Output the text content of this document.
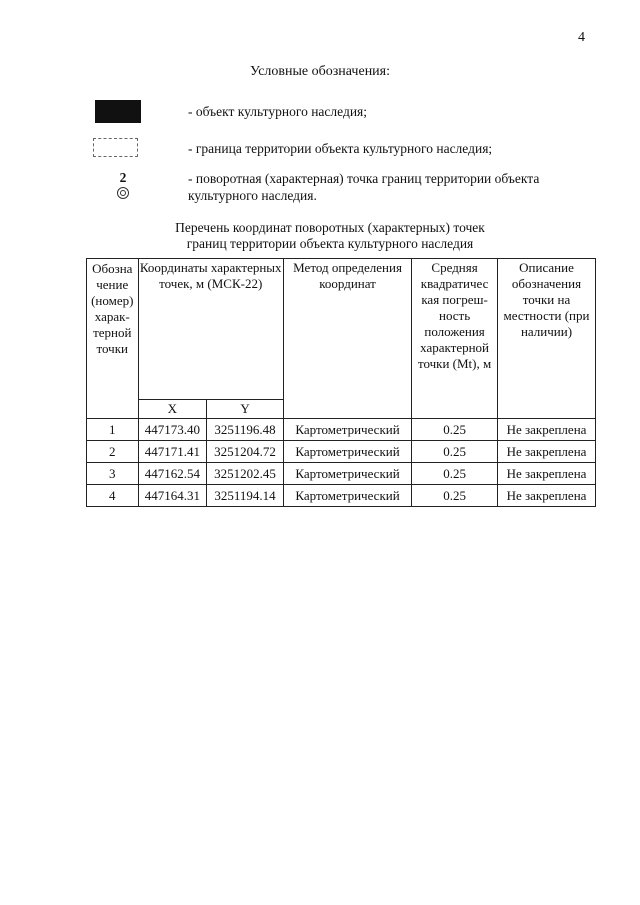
4
Условные обозначения:
- объект культурного наследия;
- граница территории объекта культурного наследия;
2	- поворотная (характерная) точка границ территории объекта культурного наследия.
Перечень координат поворотных (характерных) точек
границ территории объекта культурного наследия
Обозна чение (номер) харак- терной точки	Координаты характерных точек, м (МСК-22)		Метод определения координат	Средняя квадратичес кая погреш- ность положения характерной точки (Mt), м	Описание обозначения точки на местности (при наличии)
	X	Y			
1	447173.40	3251196.48	Картометрический	0.25	Не закреплена
2	447171.41	3251204.72	Картометрический	0.25	Не закреплена
3	447162.54	3251202.45	Картометрический	0.25	Не закреплена
4	447164.31	3251194.14	Картометрический	0.25	Не закреплена
